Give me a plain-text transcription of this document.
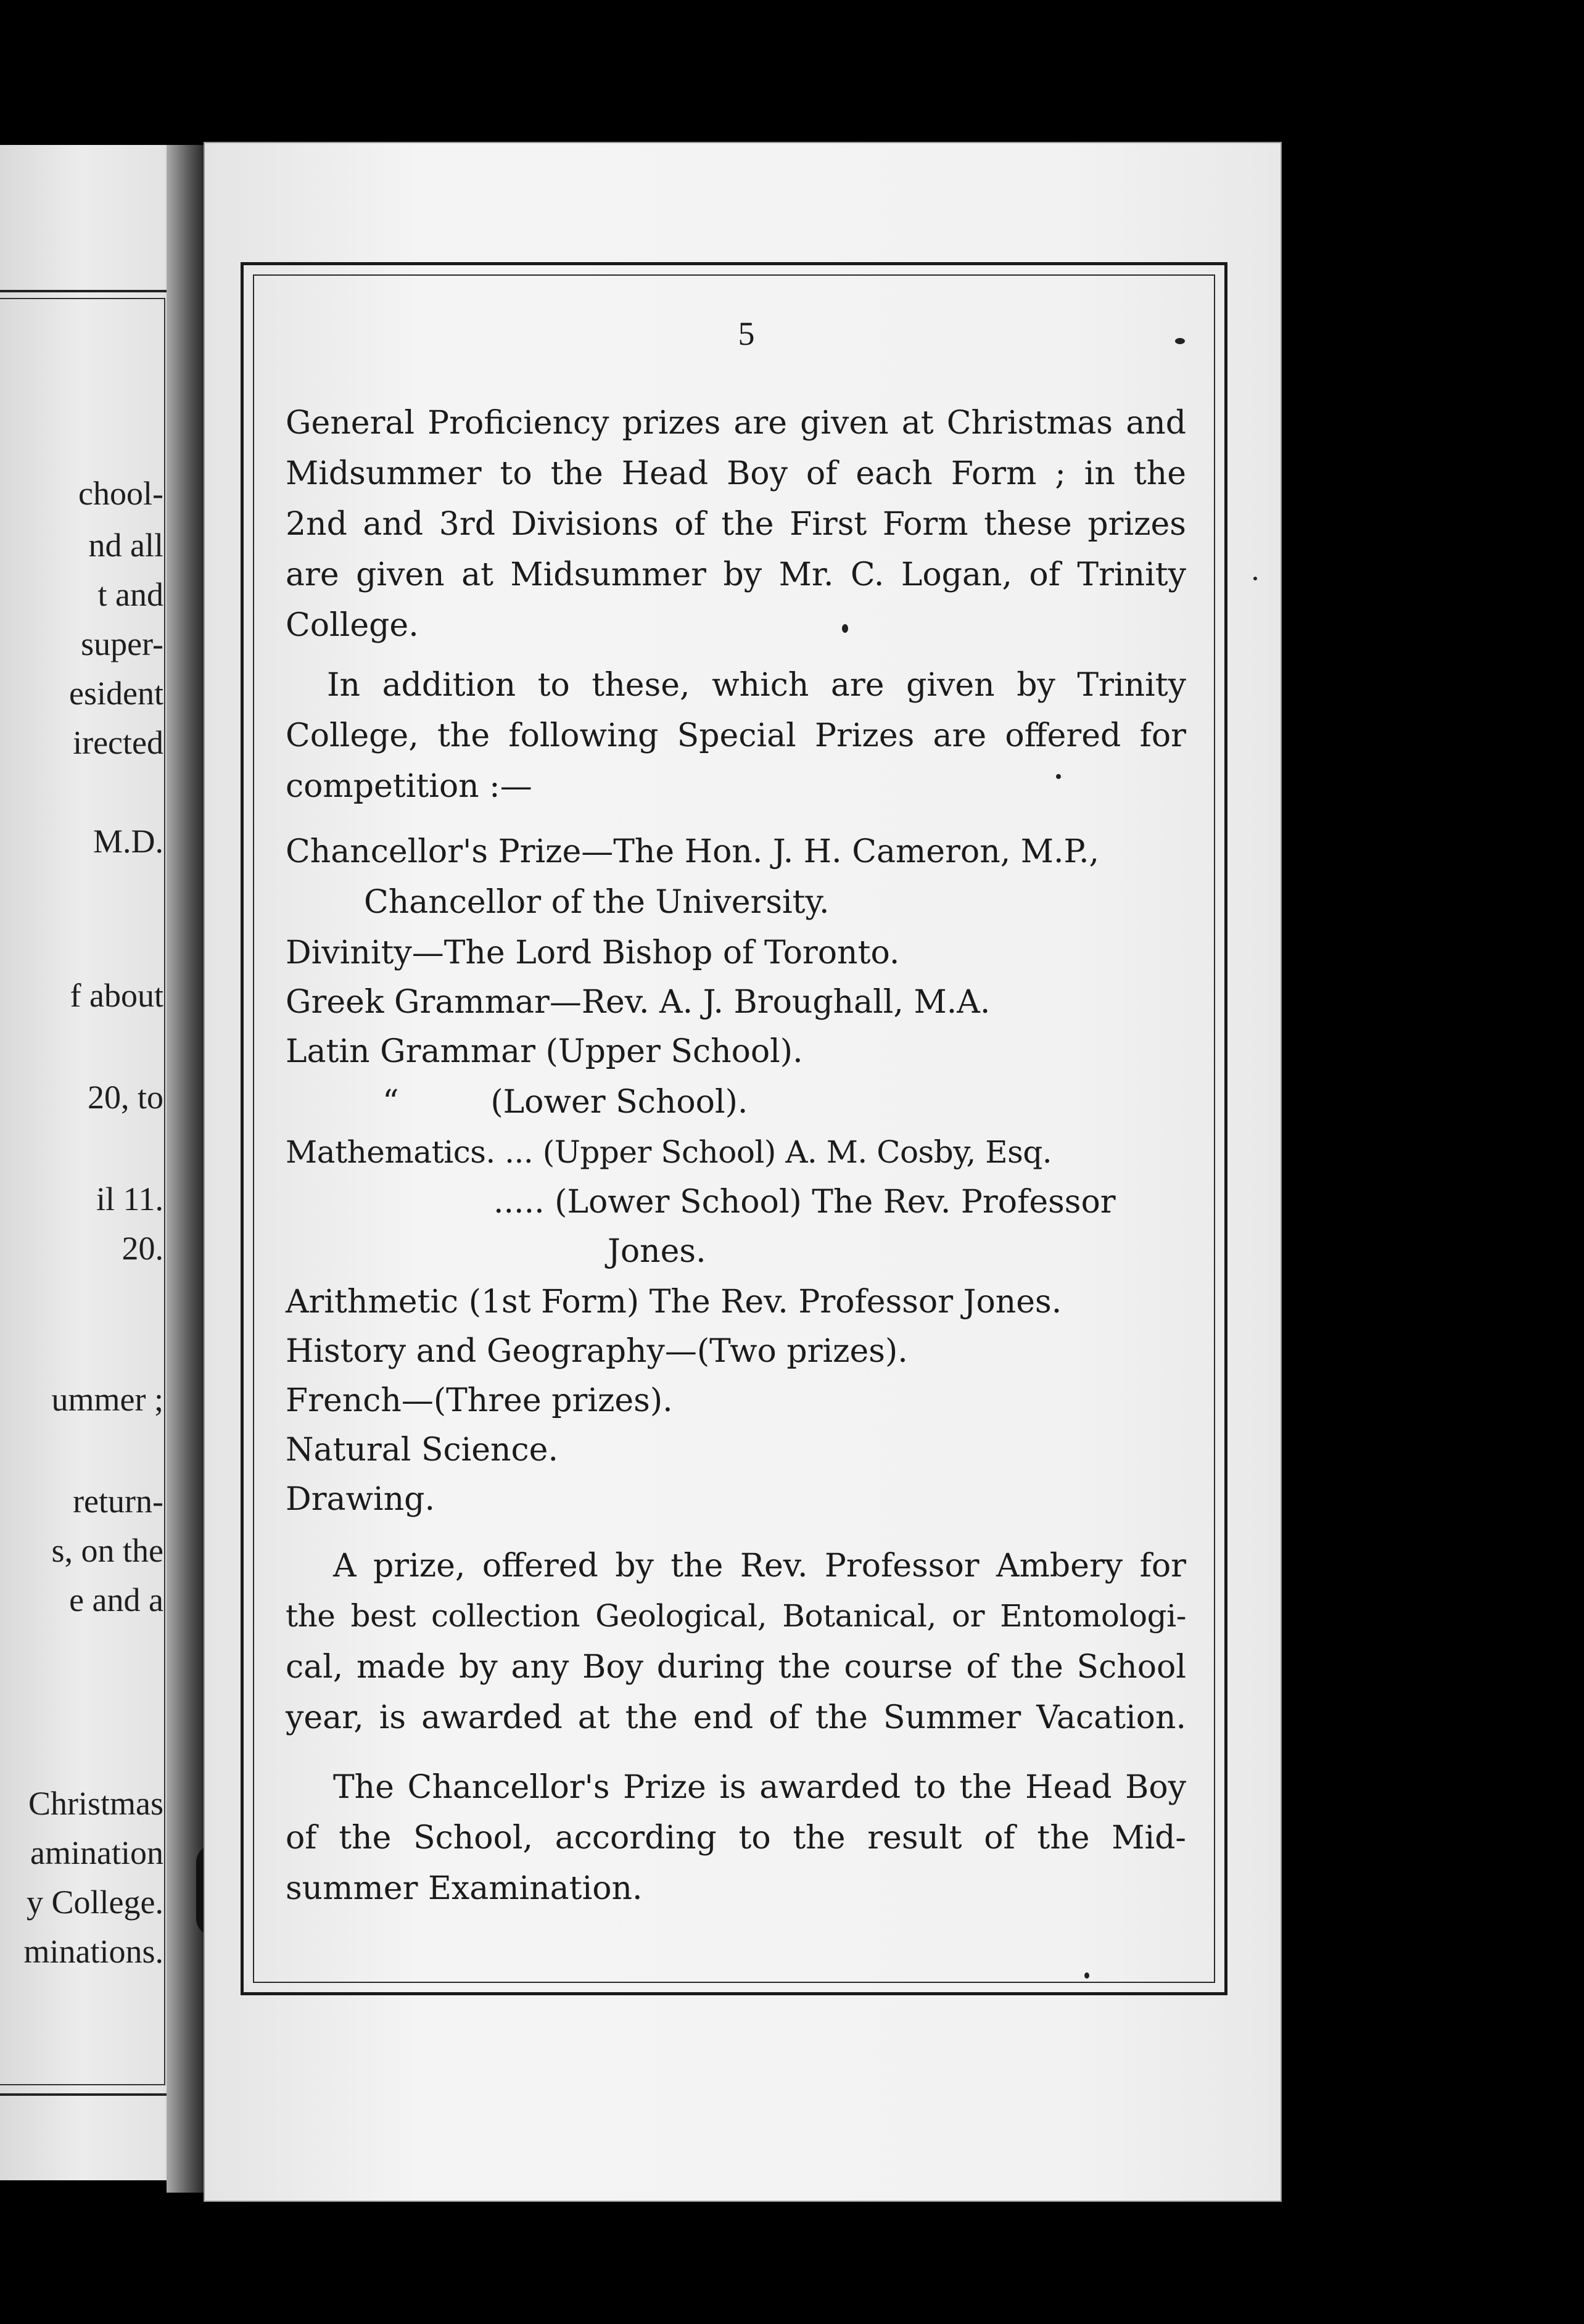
chool-
nd all
t and
super-
esident
irected
M.D.
f about
20, to
il 11.
20.
ummer ;
return-
s, on the
e and a
Christmas
amination
y College.
minations.
5
General Proficiency prizes are given at Christmas and
Midsummer to the Head Boy of each Form ; in the
2nd and 3rd Divisions of the First Form these prizes
are given at Midsummer by Mr. C. Logan, of Trinity
College.
In addition to these, which are given by Trinity
College, the following Special Prizes are offered for
competition :—
Chancellor's Prize—The Hon. J. H. Cameron, M.P.,
Chancellor of the University.
Divinity—The Lord Bishop of Toronto.
Greek Grammar—Rev. A. J. Broughall, M.A.
Latin Grammar (Upper School).
“         (Lower School).
Mathematics. ... (Upper School) A. M. Cosby, Esq.
..... (Lower School) The Rev. Professor
Jones.
Arithmetic (1st Form) The Rev. Professor Jones.
History and Geography—(Two prizes).
French—(Three prizes).
Natural Science.
Drawing.
A prize, offered by the Rev. Professor Ambery for
the best collection Geological, Botanical, or Entomologi-
cal, made by any Boy during the course of the School
year, is awarded at the end of the Summer Vacation.
The Chancellor's Prize is awarded to the Head Boy
of the School, according to the result of the Mid-
summer Examination.
